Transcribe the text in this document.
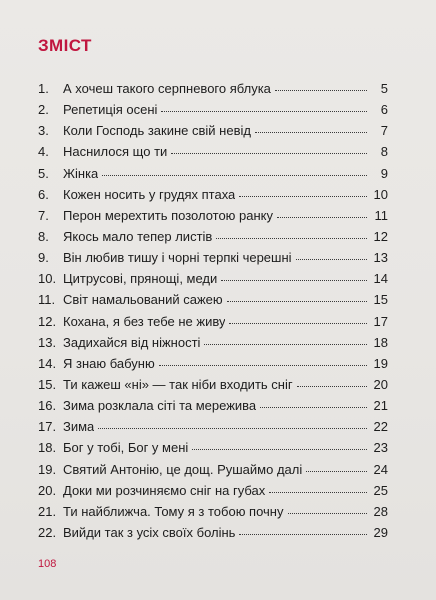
ЗМІСТ
1.	А хочеш такого серпневого яблука	5
2.	Репетиція осені	6
3.	Коли Господь закине свій невід	7
4.	Наснилося що ти	8
5.	Жінка	9
6.	Кожен носить у грудях птаха	10
7.	Перон мерехтить позолотою ранку	11
8.	Якось мало тепер листів	12
9.	Він любив тишу і чорні терпкі черешні	13
10. Цитрусові, прянощі, меди	14
11. Світ намальований сажею	15
12. Кохана, я без тебе не живу	17
13. Задихайся від ніжності	18
14. Я знаю бабуню	19
15. Ти кажеш «ні» — так ніби входить сніг	20
16. Зима розклала сіті та мережива	21
17. Зима	22
18. Бог у тобі, Бог у мені	23
19. Святий Антонію, це дощ. Рушаймо далі	24
20. Доки ми розчиняємо сніг на губах	25
21. Ти найближча. Тому я з тобою почну	28
22. Вийди так з усіх своїх болінь	29

108
